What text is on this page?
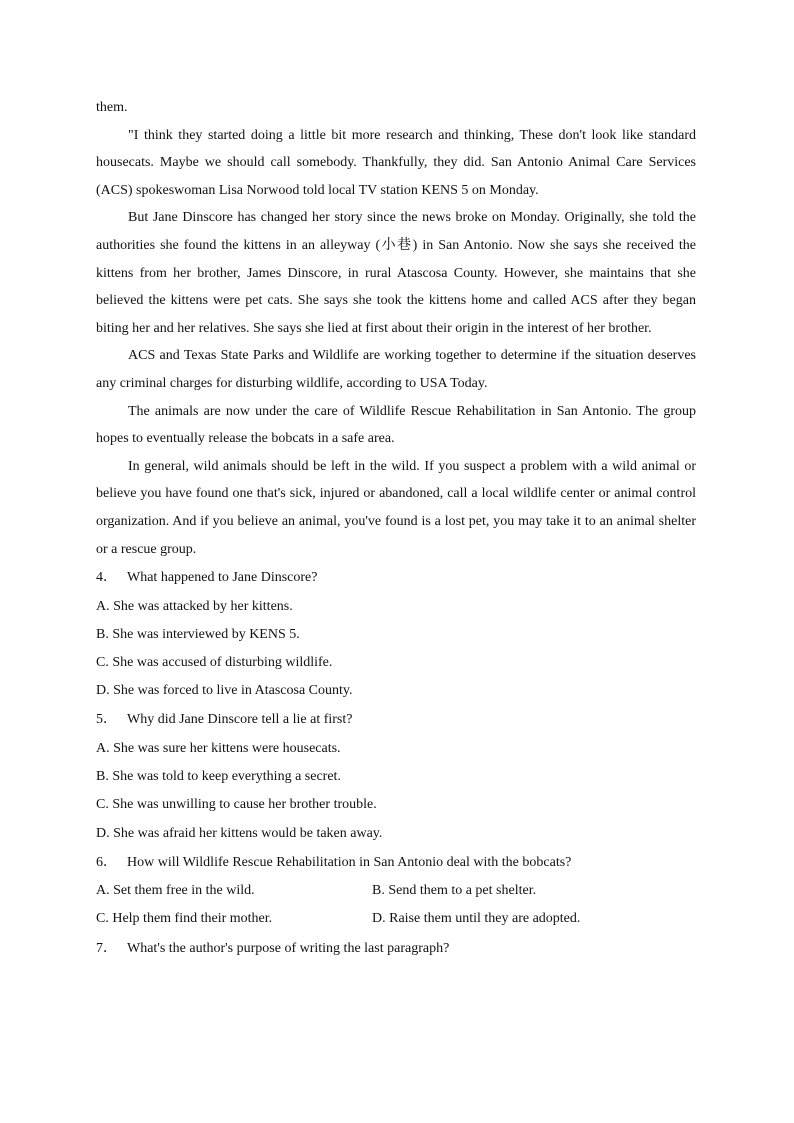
them.

"I think they started doing a little bit more research and thinking, These don't look like standard housecats. Maybe we should call somebody. Thankfully, they did. San Antonio Animal Care Services (ACS) spokeswoman Lisa Norwood told local TV station KENS 5 on Monday.

But Jane Dinscore has changed her story since the news broke on Monday. Originally, she told the authorities she found the kittens in an alleyway (小巷) in San Antonio. Now she says she received the kittens from her brother, James Dinscore, in rural Atascosa County. However, she maintains that she believed the kittens were pet cats. She says she took the kittens home and called ACS after they began biting her and her relatives. She says she lied at first about their origin in the interest of her brother.

ACS and Texas State Parks and Wildlife are working together to determine if the situation deserves any criminal charges for disturbing wildlife, according to USA Today.

The animals are now under the care of Wildlife Rescue Rehabilitation in San Antonio. The group hopes to eventually release the bobcats in a safe area.

In general, wild animals should be left in the wild. If you suspect a problem with a wild animal or believe you have found one that's sick, injured or abandoned, call a local wildlife center or animal control organization. And if you believe an animal, you've found is a lost pet, you may take it to an animal shelter or a rescue group.

4． What happened to Jane Dinscore?
A. She was attacked by her kittens.
B. She was interviewed by KENS 5.
C. She was accused of disturbing wildlife.
D. She was forced to live in Atascosa County.
5． Why did Jane Dinscore tell a lie at first?
A. She was sure her kittens were housecats.
B. She was told to keep everything a secret.
C. She was unwilling to cause her brother trouble.
D. She was afraid her kittens would be taken away.
6． How will Wildlife Rescue Rehabilitation in San Antonio deal with the bobcats?
A. Set them free in the wild.	B. Send them to a pet shelter.
C. Help them find their mother.	D. Raise them until they are adopted.
7． What's the author's purpose of writing the last paragraph?
